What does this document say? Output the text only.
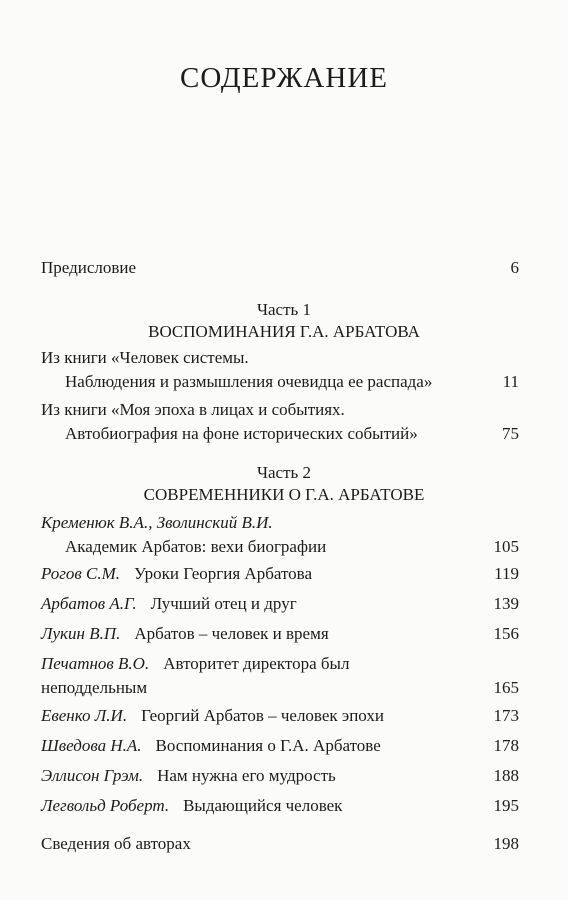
СОДЕРЖАНИЕ
Предисловие	6
Часть 1
ВОСПОМИНАНИЯ Г.А. АРБАТОВА
Из книги «Человек системы.
Наблюдения и размышления очевидца ее распада»	11
Из книги «Моя эпоха в лицах и событиях.
Автобиография на фоне исторических событий»	75
Часть 2
СОВРЕМЕННИКИ О Г.А. АРБАТОВЕ
Кременюк В.А., Зволинский В.И.
Академик Арбатов: вехи биографии	105
Рогов С.М. Уроки Георгия Арбатова	119
Арбатов А.Г. Лучший отец и друг	139
Лукин В.П. Арбатов – человек и время	156
Печатнов В.О. Авторитет директора был
неподдельным	165
Евенко Л.И. Георгий Арбатов – человек эпохи	173
Шведова Н.А. Воспоминания о Г.А. Арбатове	178
Эллисон Грэм. Нам нужна его мудрость	188
Легвольд Роберт. Выдающийся человек	195
Сведения об авторах	198
